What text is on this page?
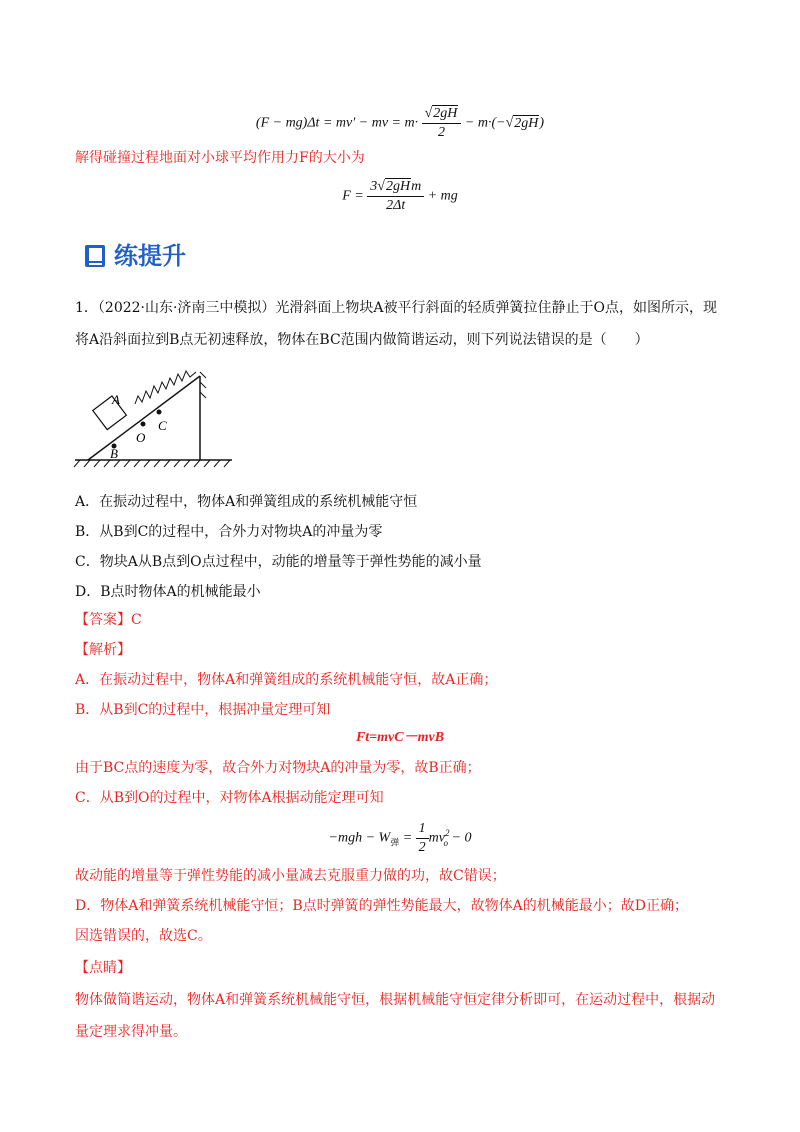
(F − mg)Δt = mv′ − mv = $m\cdot \frac{√2gH}{2} - m\cdot(-√2gH)$
解得碰撞过程地面对小球平均作用力F的大小为
$F = \frac{\text{3√2gHm}}{2\Delta t}$ + mg
练提升
1．（2022·山东·济南三中模拟）光滑斜面上物块A被平行斜面的轻质弹簧拉住静止于O点，如图所示，现
将A沿斜面拉到B点无初速释放，物体在BC范围内做简谐运动，则下列说法错误的是（　　）
B
O
C
A
A．在振动过程中，物体A和弹簧组成的系统机械能守恒
B．从B到C的过程中，合外力对物块A的冲量为零
C．物块A从B点到O点过程中，动能的增量等于弹性势能的减小量
D．B点时物体A的机械能最小
【答案】C
【解析】
A．在振动过程中，物体A和弹簧组成的系统机械能守恒，故A正确；
B．从B到C的过程中，根据冲量定理可知
Ft=mvC－mvB
由于BC点的速度为零，故合外力对物块A的冲量为零，故B正确；
C．从B到O的过程中，对物体A根据动能定理可知
$-mgh - W_弹 = \frac{1}{2} mv^2_o - 0$
故动能的增量等于弹性势能的减小量减去克服重力做的功，故C错误；
D．物体A和弹簧系统机械能守恒；B点时弹簧的弹性势能最大，故物体A的机械能最小；故D正确；
因选错误的，故选C。
【点睛】
物体做简谐运动，物体A和弹簧系统机械能守恒，根据机械能守恒定律分析即可，在运动过程中，根据动
量定理求得冲量。
